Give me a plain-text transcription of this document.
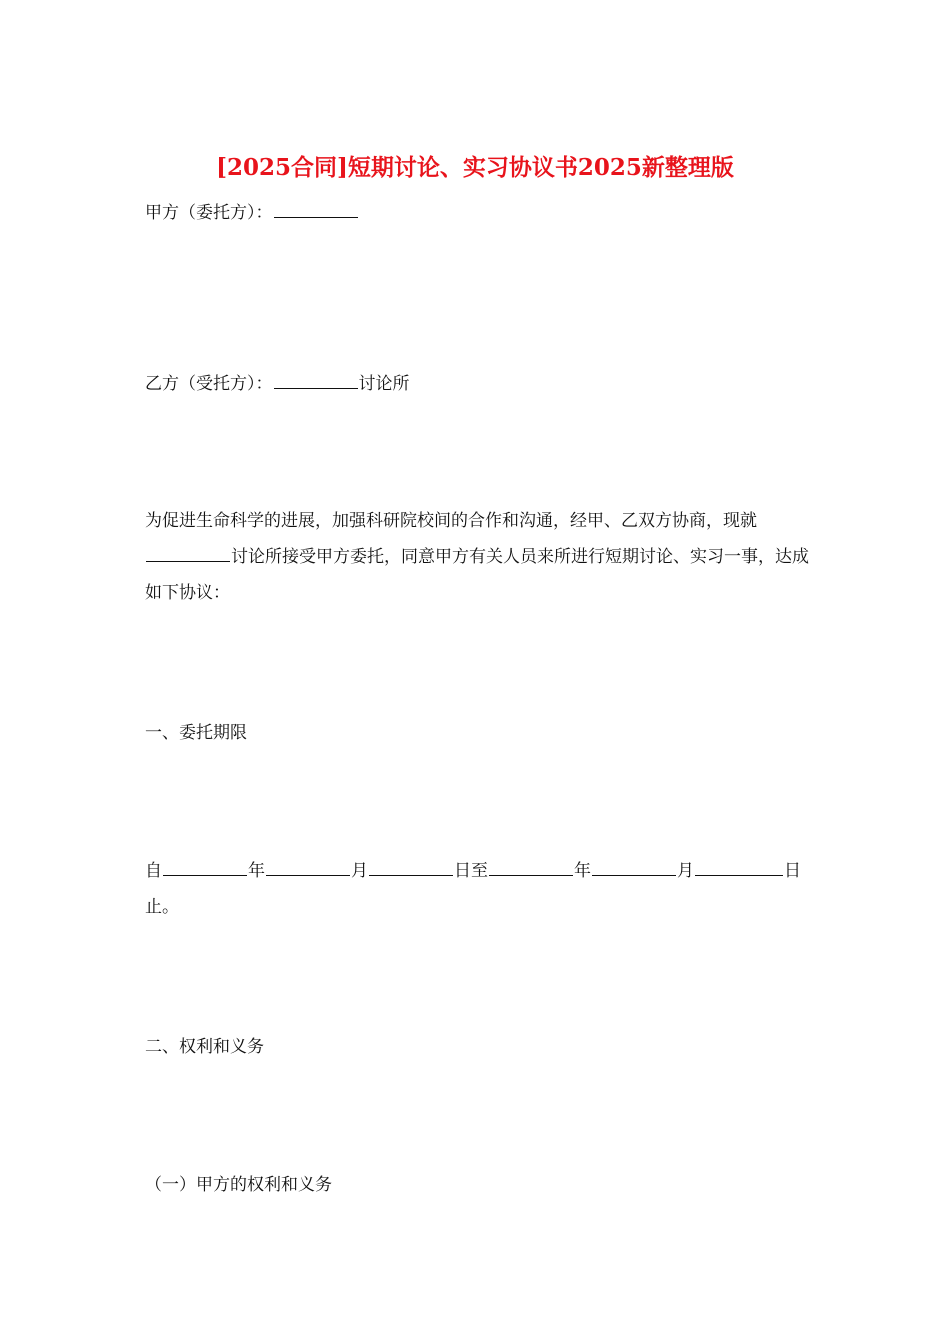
[2025合同]短期讨论、实习协议书2025新整理版
甲方（委托方）：
乙方（受托方）：	讨论所
为促进生命科学的进展，加强科研院校间的合作和沟通，经甲、乙双方协商，现就讨论所接受甲方委托，同意甲方有关人员来所进行短期讨论、实习一事，达成如下协议：
一、委托期限
自	年	月	日至	年	月	日止。
二、权利和义务
（一）甲方的权利和义务
